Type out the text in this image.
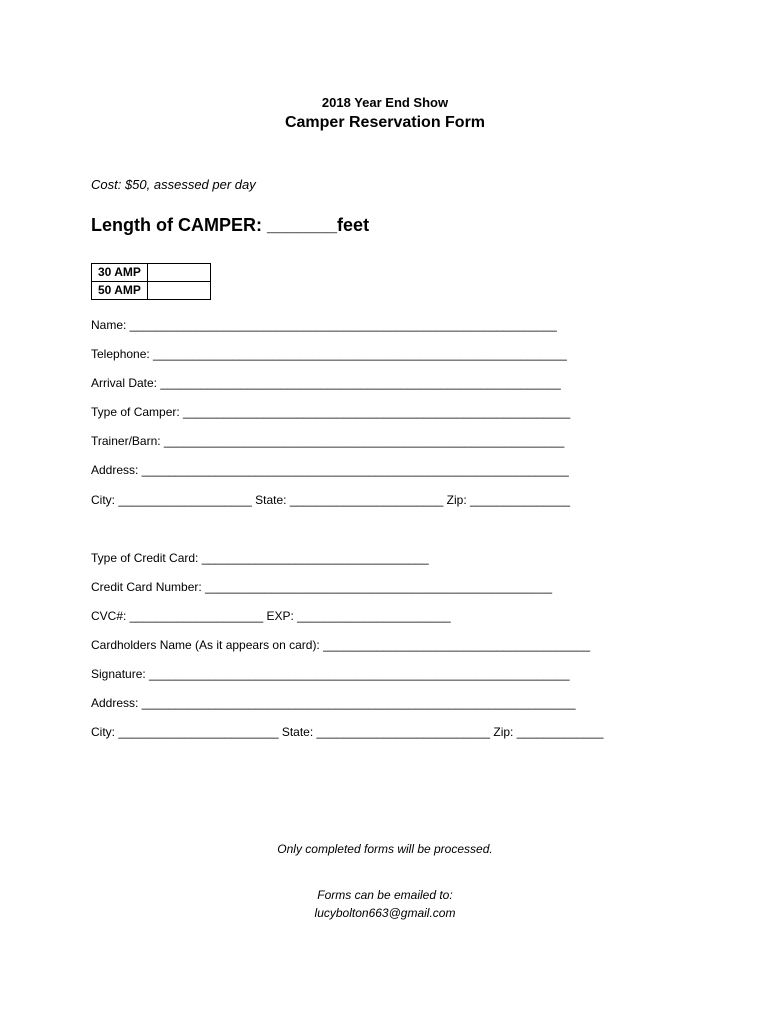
2018 Year End Show
Camper Reservation Form
Cost: $50, assessed per day
Length of CAMPER: _______feet
30 AMP	
50 AMP	
Name: ________________________________________________________________
Telephone: ______________________________________________________________
Arrival Date: ____________________________________________________________
Type of Camper: __________________________________________________________
Trainer/Barn: ____________________________________________________________
Address: ________________________________________________________________
City: ____________________ State: _______________________ Zip: _______________
Type of Credit Card: __________________________________
Credit Card Number: ____________________________________________________
CVC#: ____________________ EXP: _______________________
Cardholders Name (As it appears on card): ________________________________________
Signature: _______________________________________________________________
Address: _________________________________________________________________
City: ________________________ State: __________________________ Zip: _____________
Only completed forms will be processed.
Forms can be emailed to:
lucybolton663@gmail.com
